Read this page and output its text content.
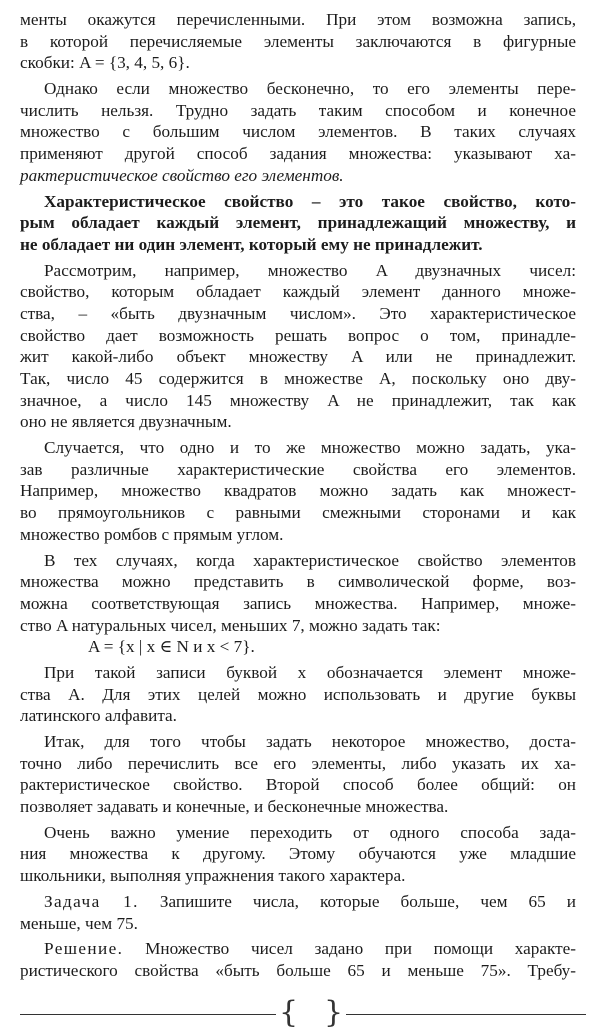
менты окажутся перечисленными. При этом возможна запись,
в которой перечисляемые элементы заключаются в фигурные
скобки: A = {3, 4, 5, 6}.
Однако если множество бесконечно, то его элементы пере-
числить нельзя. Трудно задать таким способом и конечное
множество с большим числом элементов. В таких случаях
применяют другой способ задания множества: указывают ха-
рактеристическое свойство его элементов.
Характеристическое свойство – это такое свойство, кото-
рым обладает каждый элемент, принадлежащий множеству, и
не обладает ни один элемент, который ему не принадлежит.
Рассмотрим, например, множество A двузначных чисел:
свойство, которым обладает каждый элемент данного множе-
ства, – «быть двузначным числом». Это характеристическое
свойство дает возможность решать вопрос о том, принадле-
жит какой-либо объект множеству A или не принадлежит.
Так, число 45 содержится в множестве A, поскольку оно дву-
значное, а число 145 множеству A не принадлежит, так как
оно не является двузначным.
Случается, что одно и то же множество можно задать, ука-
зав различные характеристические свойства его элементов.
Например, множество квадратов можно задать как множест-
во прямоугольников с равными смежными сторонами и как
множество ромбов с прямым углом.
В тех случаях, когда характеристическое свойство элементов
множества можно представить в символической форме, воз-
можна соответствующая запись множества. Например, множе-
ство A натуральных чисел, меньших 7, можно задать так:
A = {x | x ∈ N и x < 7}.
При такой записи буквой x обозначается элемент множе-
ства A. Для этих целей можно использовать и другие буквы
латинского алфавита.
Итак, для того чтобы задать некоторое множество, доста-
точно либо перечислить все его элементы, либо указать их ха-
рактеристическое свойство. Второй способ более общий: он
позволяет задавать и конечные, и бесконечные множества.
Очень важно умение переходить от одного способа зада-
ния множества к другому. Этому обучаются уже младшие
школьники, выполняя упражнения такого характера.
Задача 1. Запишите числа, которые больше, чем 65 и
меньше, чем 75.
Решение. Множество чисел задано при помощи характе-
ристического свойства «быть больше 65 и меньше 75». Требу-
{ }
